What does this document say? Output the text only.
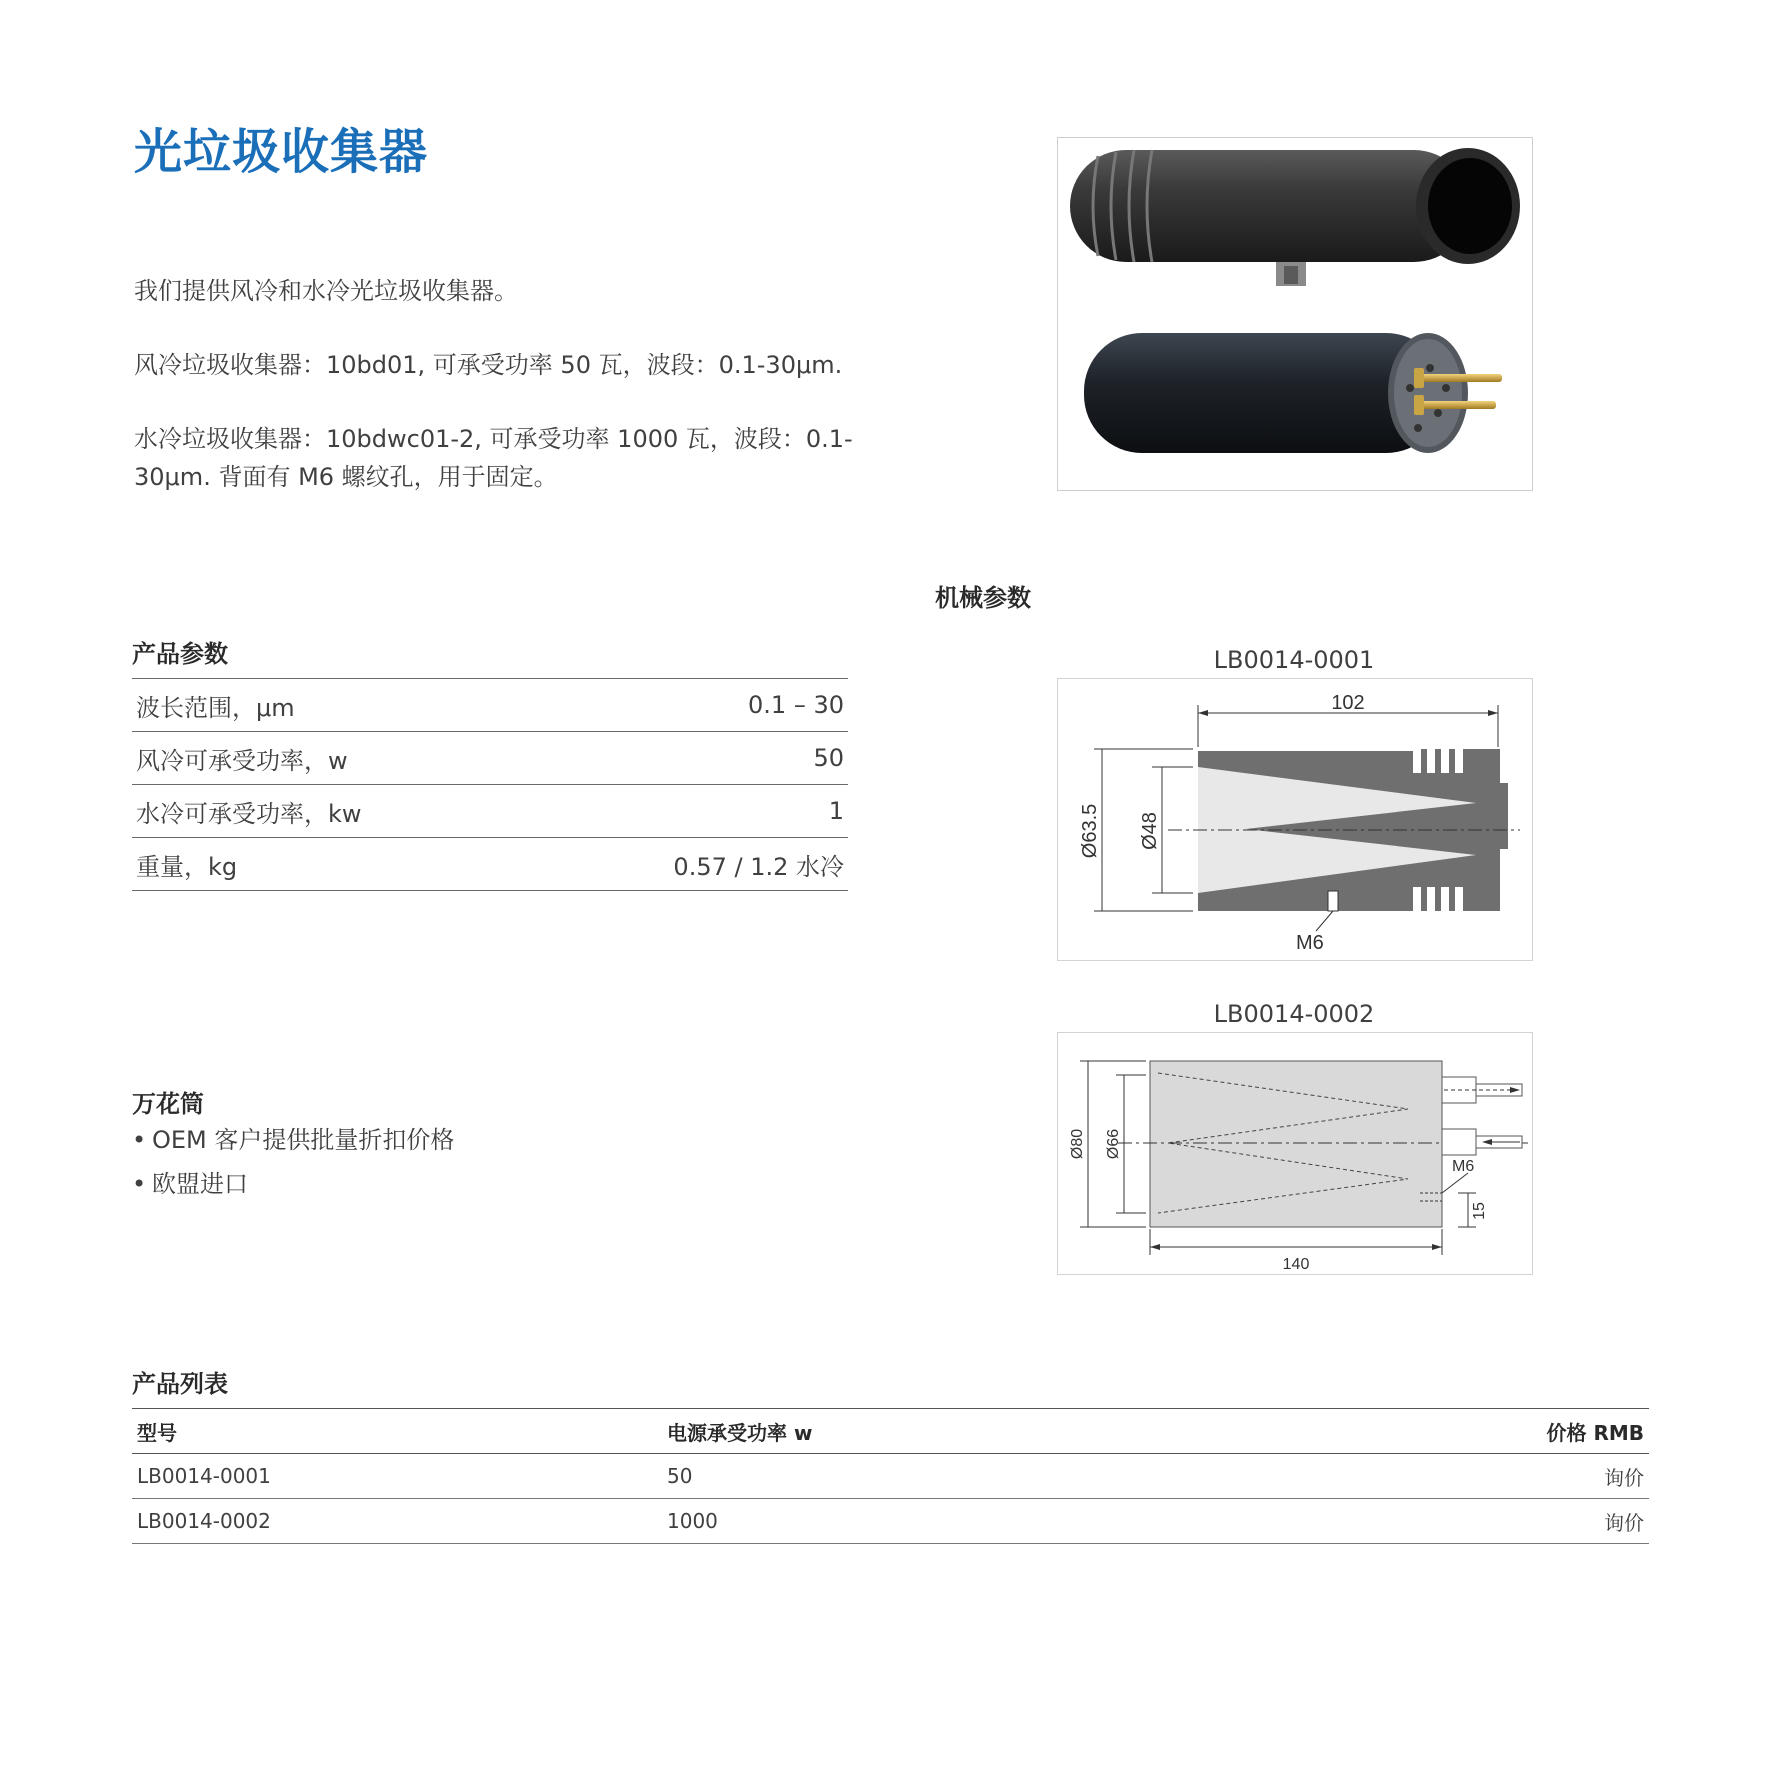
光垃圾收集器

我们提供风冷和水冷光垃圾收集器。

风冷垃圾收集器：10bd01, 可承受功率 50 瓦，波段：0.1-30μm.

水冷垃圾收集器：10bdwc01-2, 可承受功率 1000 瓦，波段：0.1-30μm. 背面有 M6 螺纹孔，用于固定。

机械参数
产品参数
波长范围，μm	0.1 – 30
风冷可承受功率，w	50
水冷可承受功率，kw	1
重量，kg	0.57 / 1.2 水冷
LB0014-0001
102
Ø63.5 Ø48
M6
LB0014-0002
140
Ø80 Ø66
M6
15
万花筒
• OEM 客户提供批量折扣价格
• 欧盟进口
产品列表
型号	电源承受功率 w	价格 RMB
LB0014-0001	50	询价
LB0014-0002	1000	询价
